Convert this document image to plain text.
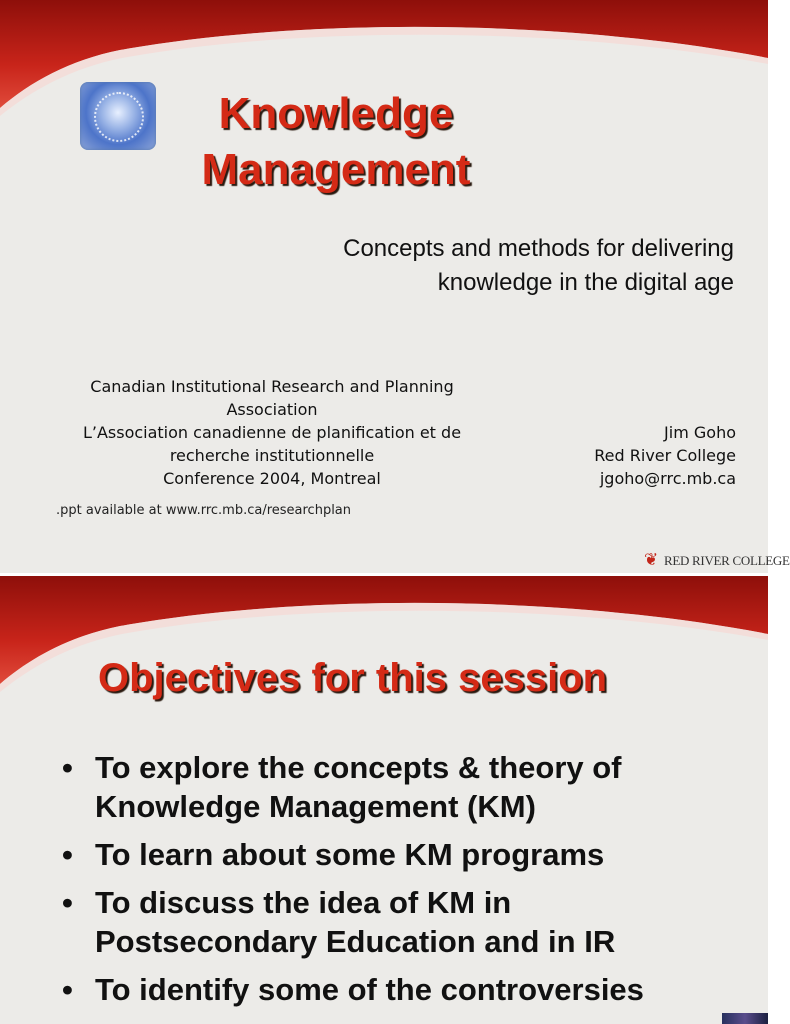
Knowledge
Management
Concepts and methods for delivering
knowledge in the digital age
Canadian Institutional Research and Planning
Association
L’Association canadienne de planification et de
recherche institutionnelle
Conference 2004, Montreal
Jim Goho
Red River College
jgoho@rrc.mb.ca
.ppt available at www.rrc.mb.ca/researchplan
❦ RED RIVER COLLEGE
Objectives for this session
• To explore the concepts & theory of
Knowledge Management (KM)
• To learn about some KM programs
• To discuss the idea of KM in
Postsecondary Education and in IR
• To identify some of the controversies
